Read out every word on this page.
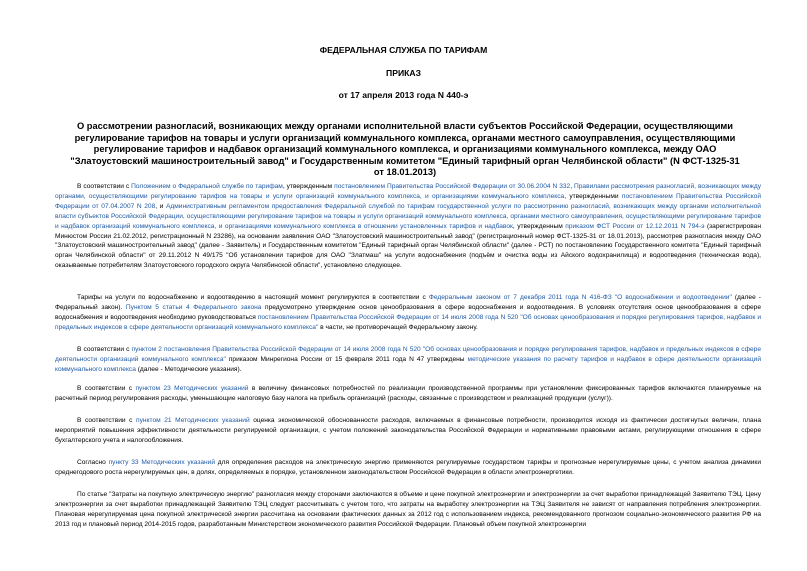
ФЕДЕРАЛЬНАЯ СЛУЖБА ПО ТАРИФАМ
ПРИКАЗ
от 17 апреля 2013 года N 440-э
О рассмотрении разногласий, возникающих между органами исполнительной власти субъектов Российской Федерации, осуществляющими регулирование тарифов на товары и услуги организаций коммунального комплекса, органами местного самоуправления, осуществляющими регулирование тарифов и надбавок организаций коммунального комплекса, и организациями коммунального комплекса, между ОАО "Златоустовский машиностроительный завод" и Государственным комитетом "Единый тарифный орган Челябинской области" (N ФСТ-1325-31 от 18.01.2013)

В соответствии с Положением о Федеральной службе по тарифам, утвержденным постановлением Правительства Российской Федерации от 30.06.2004 N 332, Правилами рассмотрения разногласий, возникающих между органами, осуществляющими регулирование тарифов на товары и услуги организаций коммунального комплекса, и организациями коммунального комплекса, утвержденными постановлением Правительства Российской Федерации от 07.04.2007 N 208, и Административным регламентом предоставления Федеральной службой по тарифам государственной услуги по рассмотрению разногласий, возникающих между органами исполнительной власти субъектов Российской Федерации, осуществляющими регулирование тарифов на товары и услуги организаций коммунального комплекса, органами местного самоуправления, осуществляющими регулирование тарифов и надбавок организаций коммунального комплекса, и организациями коммунального комплекса в отношении установленных тарифов и надбавок, утвержденным приказом ФСТ России от 12.12.2011 N 794-э (зарегистрирован Минюстом России 21.02.2012, регистрационный N 23286), на основании заявления ОАО "Златоустовский машиностроительный завод" (регистрационный номер ФСТ-1325-31 от 18.01.2013), рассмотрев разногласия между ОАО "Златоустовский машиностроительный завод" (далее - Заявитель) и Государственным комитетом "Единый тарифный орган Челябинской области" (далее - РСТ) по постановлению Государственного комитета "Единый тарифный орган Челябинской области" от 29.11.2012 N 49/175 "Об установлении тарифов для ОАО "Златмаш" на услуги водоснабжения (подъём и очистка воды из Айского водохранилища) и водоотведения (техническая вода), оказываемые потребителям Златоустовского городского округа Челябинской области", установлено следующее.

Тарифы на услуги по водоснабжению и водоотведению в настоящий момент регулируются в соответствии с Федеральным законом от 7 декабря 2011 года N 416-ФЗ "О водоснабжении и водоотведении" (далее - Федеральный закон). Пунктом 5 статьи 4 Федерального закона предусмотрено утверждение основ ценообразования в сфере водоснабжения и водоотведения. В условиях отсутствия основ ценообразования в сфере водоснабжения и водоотведения необходимо руководствоваться постановлением Правительства Российской Федерации от 14 июля 2008 года N 520 "Об основах ценообразования и порядке регулирования тарифов, надбавок и предельных индексов в сфере деятельности организаций коммунального комплекса" в части, не противоречащей Федеральному закону.

В соответствии с пунктом 2 постановления Правительства Российской Федерации от 14 июля 2008 года N 520 "Об основах ценообразования и порядке регулирования тарифов, надбавок и предельных индексов в сфере деятельности организаций коммунального комплекса" приказом Минрегиона России от 15 февраля 2011 года N 47 утверждены методические указания по расчету тарифов и надбавок в сфере деятельности организаций коммунального комплекса (далее - Методические указания).

В соответствии с пунктом 23 Методических указаний в величину финансовых потребностей по реализации производственной программы при установлении фиксированных тарифов включаются планируемые на расчетный период регулирования расходы, уменьшающие налоговую базу налога на прибыль организаций (расходы, связанные с производством и реализацией продукции (услуг)).

В соответствии с пунктом 21 Методических указаний оценка экономической обоснованности расходов, включаемых в финансовые потребности, производится исходя из фактически достигнутых величин, плана мероприятий повышения эффективности деятельности регулируемой организации, с учетом положений законодательства Российской Федерации и нормативными правовыми актами, регулирующими отношения в сфере бухгалтерского учета и налогообложения.

Согласно пункту 33 Методических указаний для определения расходов на электрическую энергию применяются регулируемые государством тарифы и прогнозные нерегулируемые цены, с учетом анализа динамики среднегодового роста нерегулируемых цен, в долях, определяемых в порядке, установленном законодательством Российской Федерации в области электроэнергетики.

По статье "Затраты на покупную электрическую энергию" разногласия между сторонами заключаются в объеме и цене покупной электроэнергии и электроэнергии за счет выработки принадлежащей Заявителю ТЭЦ. Цену электроэнергии за счет выработки принадлежащей Заявителю ТЭЦ следует рассчитывать с учетом того, что затраты на выработку электроэнергии на ТЭЦ Заявителя не зависят от направления потребления электроэнергии. Плановая нерегулируемая цена покупной электрической энергии рассчитана на основании фактических данных за 2012 год с использованием индекса, рекомендованного прогнозом социально-экономического развития РФ на 2013 год и плановый период 2014-2015 годов, разработанным Министерством экономического развития Российской Федерации. Плановый объем покупной электроэнергии
